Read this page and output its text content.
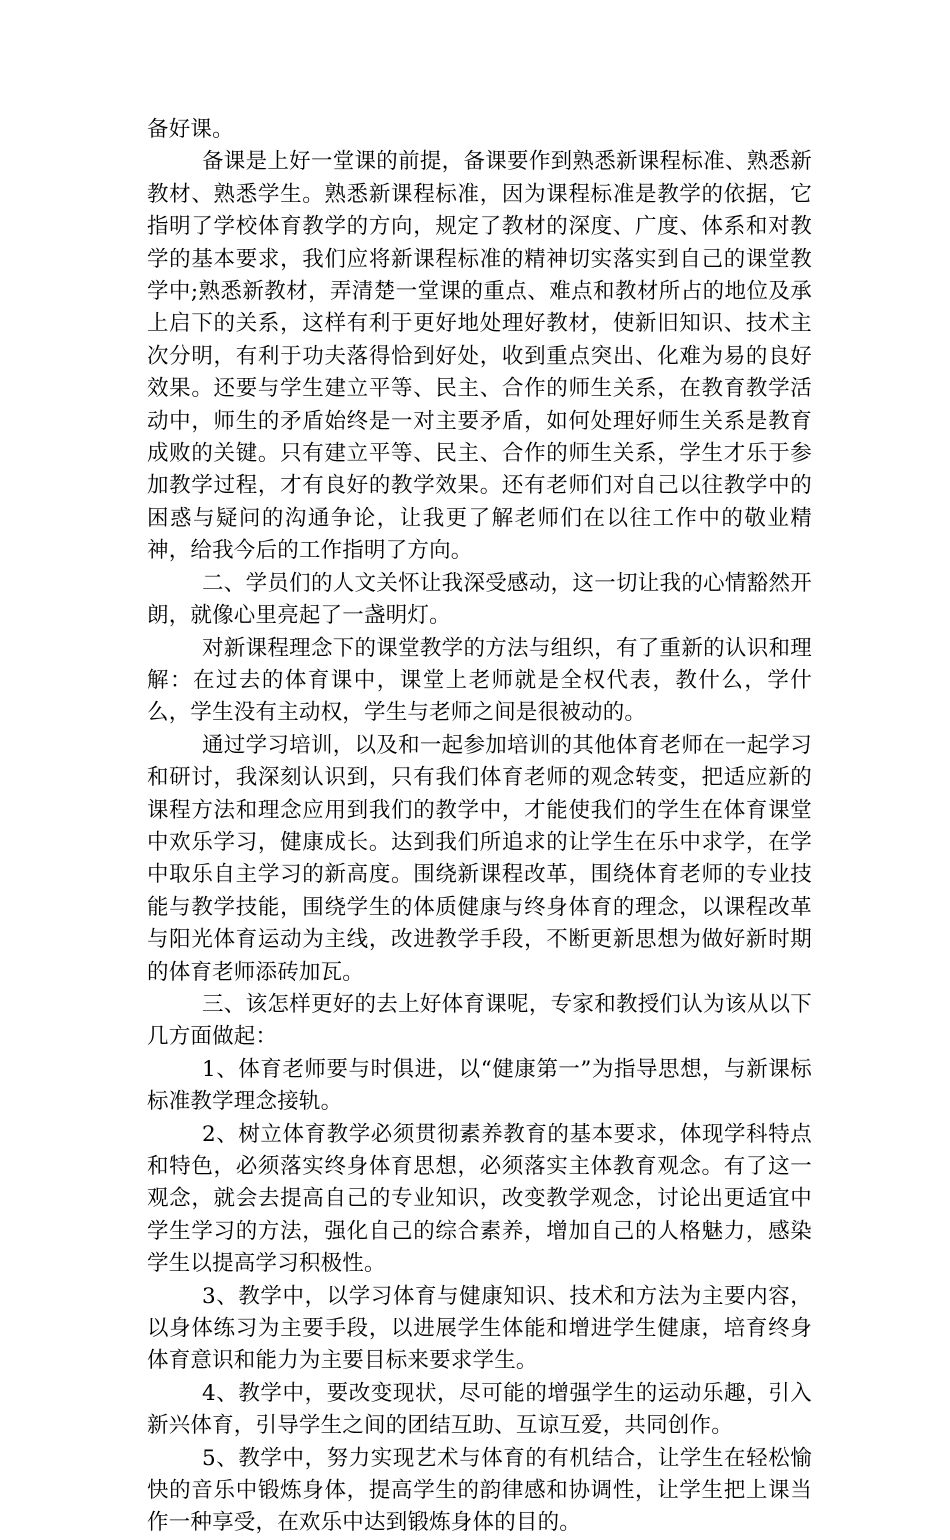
备好课。

备课是上好一堂课的前提，备课要作到熟悉新课程标准、熟悉新教材、熟悉学生。熟悉新课程标准，因为课程标准是教学的依据，它指明了学校体育教学的方向，规定了教材的深度、广度、体系和对教学的基本要求，我们应将新课程标准的精神切实落实到自己的课堂教学中;熟悉新教材，弄清楚一堂课的重点、难点和教材所占的地位及承上启下的关系，这样有利于更好地处理好教材，使新旧知识、技术主次分明，有利于功夫落得恰到好处，收到重点突出、化难为易的良好效果。还要与学生建立平等、民主、合作的师生关系，在教育教学活动中，师生的矛盾始终是一对主要矛盾，如何处理好师生关系是教育成败的关键。只有建立平等、民主、合作的师生关系，学生才乐于参加教学过程，才有良好的教学效果。还有老师们对自己以往教学中的困惑与疑问的沟通争论，让我更了解老师们在以往工作中的敬业精神，给我今后的工作指明了方向。

二、学员们的人文关怀让我深受感动，这一切让我的心情豁然开朗，就像心里亮起了一盏明灯。

对新课程理念下的课堂教学的方法与组织，有了重新的认识和理解：在过去的体育课中，课堂上老师就是全权代表，教什么，学什么，学生没有主动权，学生与老师之间是很被动的。

通过学习培训，以及和一起参加培训的其他体育老师在一起学习和研讨，我深刻认识到，只有我们体育老师的观念转变，把适应新的课程方法和理念应用到我们的教学中，才能使我们的学生在体育课堂中欢乐学习，健康成长。达到我们所追求的让学生在乐中求学，在学中取乐自主学习的新高度。围绕新课程改革，围绕体育老师的专业技能与教学技能，围绕学生的体质健康与终身体育的理念，以课程改革与阳光体育运动为主线，改进教学手段，不断更新思想为做好新时期的体育老师添砖加瓦。

三、该怎样更好的去上好体育课呢，专家和教授们认为该从以下几方面做起：

1、体育老师要与时俱进，以“健康第一”为指导思想，与新课标标准教学理念接轨。

2、树立体育教学必须贯彻素养教育的基本要求，体现学科特点和特色，必须落实终身体育思想，必须落实主体教育观念。有了这一观念，就会去提高自己的专业知识，改变教学观念，讨论出更适宜中学生学习的方法，强化自己的综合素养，增加自己的人格魅力，感染学生以提高学习积极性。

3、教学中，以学习体育与健康知识、技术和方法为主要内容，以身体练习为主要手段，以进展学生体能和增进学生健康，培育终身体育意识和能力为主要目标来要求学生。

4、教学中，要改变现状，尽可能的增强学生的运动乐趣，引入新兴体育，引导学生之间的团结互助、互谅互爱，共同创作。

5、教学中，努力实现艺术与体育的有机结合，让学生在轻松愉快的音乐中锻炼身体，提高学生的韵律感和协调性，让学生把上课当作一种享受，在欢乐中达到锻炼身体的目的。
